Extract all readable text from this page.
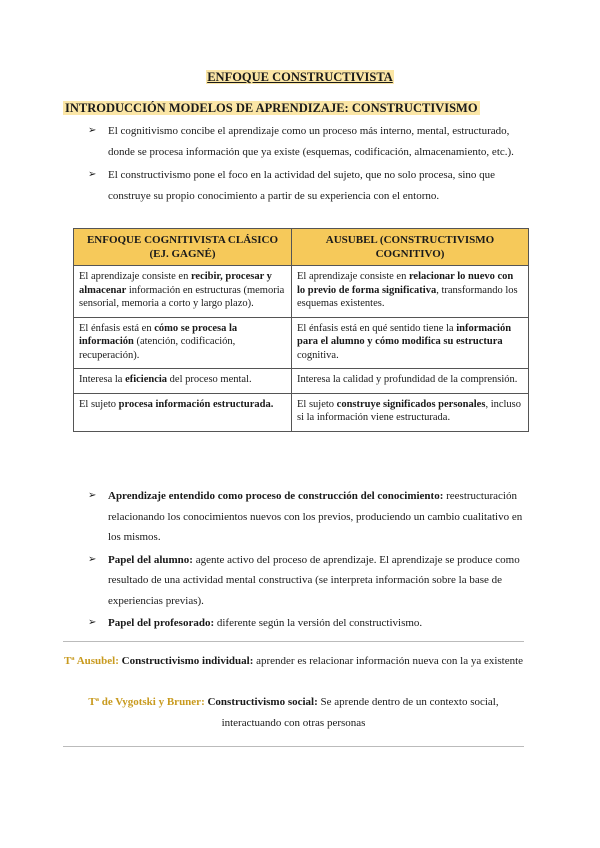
ENFOQUE CONSTRUCTIVISTA
INTRODUCCIÓN MODELOS DE APRENDIZAJE: CONSTRUCTIVISMO
➢ El cognitivismo concibe el aprendizaje como un proceso más interno, mental, estructurado, donde se procesa información que ya existe (esquemas, codificación, almacenamiento, etc.).
➢ El constructivismo pone el foco en la actividad del sujeto, que no solo procesa, sino que construye su propio conocimiento a partir de su experiencia con el entorno.
ENFOQUE COGNITIVISTA CLÁSICO (EJ. GAGNÉ)	AUSUBEL (CONSTRUCTIVISMO COGNITIVO)
El aprendizaje consiste en recibir, procesar y almacenar información en estructuras (memoria sensorial, memoria a corto y largo plazo).	El aprendizaje consiste en relacionar lo nuevo con lo previo de forma significativa, transformando los esquemas existentes.
El énfasis está en cómo se procesa la información (atención, codificación, recuperación).	El énfasis está en qué sentido tiene la información para el alumno y cómo modifica su estructura cognitiva.
Interesa la eficiencia del proceso mental.	Interesa la calidad y profundidad de la comprensión.
El sujeto procesa información estructurada.	El sujeto construye significados personales, incluso si la información viene estructurada.
➢ Aprendizaje entendido como proceso de construcción del conocimiento: reestructuración relacionando los conocimientos nuevos con los previos, produciendo un cambio cualitativo en los mismos.
➢ Papel del alumno: agente activo del proceso de aprendizaje. El aprendizaje se produce como resultado de una actividad mental constructiva (se interpreta información sobre la base de experiencias previas).
➢ Papel del profesorado: diferente según la versión del constructivismo.
Tª Ausubel: Constructivismo individual: aprender es relacionar información nueva con la ya existente
Tª de Vygotski y Bruner: Constructivismo social: Se aprende dentro de un contexto social, interactuando con otras personas
